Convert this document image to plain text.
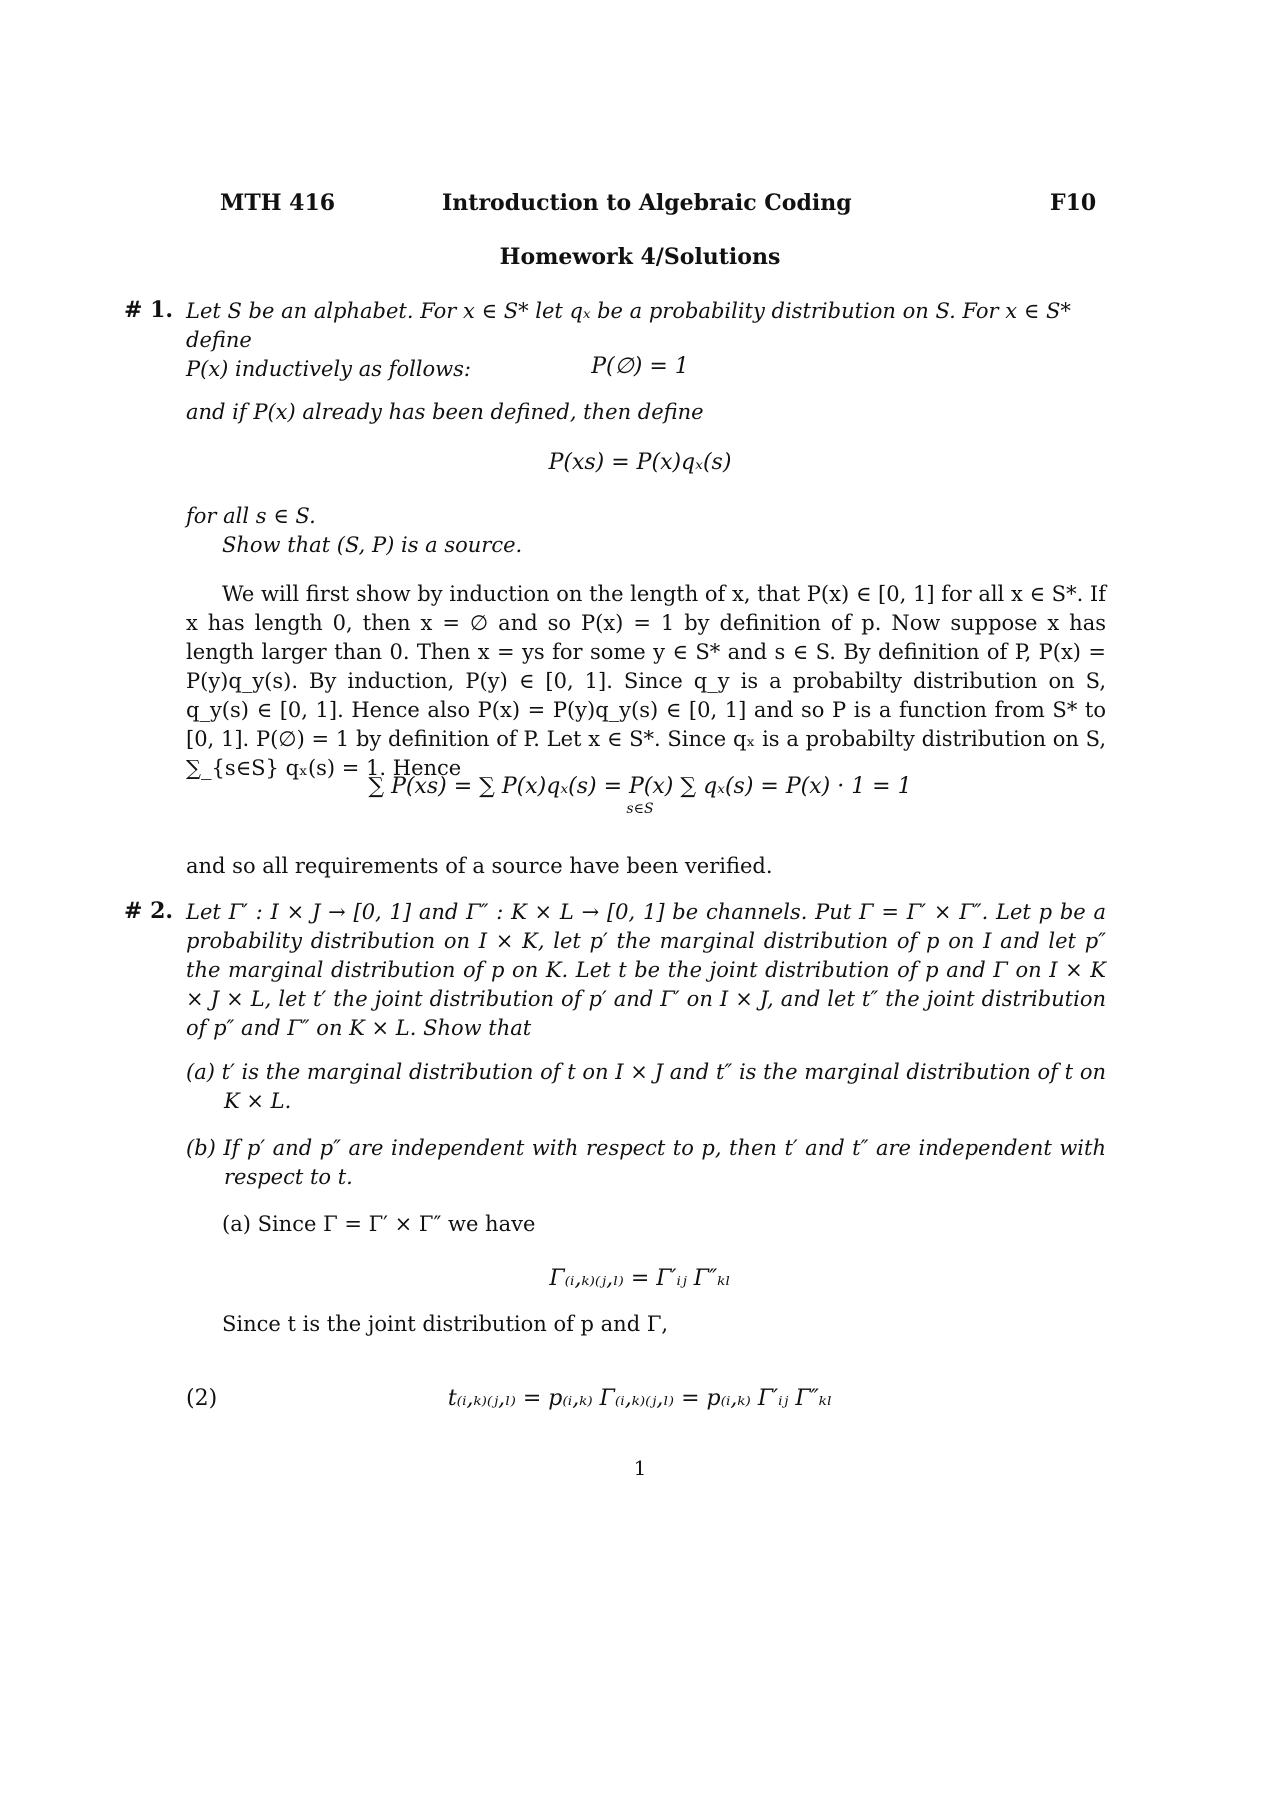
MTH 416	Introduction to Algebraic Coding	F10
Homework 4/Solutions
# 1. Let S be an alphabet. For x ∈ S* let qₓ be a probability distribution on S. For x ∈ S* define
P(x) inductively as follows:	P(∅) = 1
and if P(x) already has been defined, then define
P(xs) = P(x)qₓ(s)
for all s ∈ S.
Show that (S, P) is a source.
We will first show by induction on the length of x, that P(x) ∈ [0, 1] for all x ∈ S*. If x has length 0, then x = ∅ and so P(x) = 1 by definition of p. Now suppose x has length larger than 0. Then x = ys for some y ∈ S* and s ∈ S. By definition of P, P(x) = P(y)q_y(s). By induction, P(y) ∈ [0, 1]. Since q_y is a probabilty distribution on S, q_y(s) ∈ [0, 1]. Hence also P(x) = P(y)q_y(s) ∈ [0, 1] and so P is a function from S* to [0, 1]. P(∅) = 1 by definition of P. Let x ∈ S*. Since qₓ is a probabilty distribution on S, ∑_{s∈S} qₓ(s) = 1. Hence
∑ P(xs) = ∑ P(x)qₓ(s) = P(x) ∑ qₓ(s) = P(x) · 1 = 1
s∈S
and so all requirements of a source have been verified.
# 2. Let Γ′ : I × J → [0, 1] and Γ″ : K × L → [0, 1] be channels. Put Γ = Γ′ × Γ″. Let p be a probability distribution on I × K, let p′ the marginal distribution of p on I and let p″ the marginal distribution of p on K. Let t be the joint distribution of p and Γ on I × K × J × L, let t′ the joint distribution of p′ and Γ′ on I × J, and let t″ the joint distribution of p″ and Γ″ on K × L. Show that
(a) t′ is the marginal distribution of t on I × J and t″ is the marginal distribution of t on K × L.
(b) If p′ and p″ are independent with respect to p, then t′ and t″ are independent with respect to t.
(a) Since Γ = Γ′ × Γ″ we have
Γ₍ᵢ,ₖ₎₍ⱼ,ₗ₎ = Γ′ᵢⱼ Γ″ₖₗ
Since t is the joint distribution of p and Γ,
(2)	t₍ᵢ,ₖ₎₍ⱼ,ₗ₎ = p₍ᵢ,ₖ₎ Γ₍ᵢ,ₖ₎₍ⱼ,ₗ₎ = p₍ᵢ,ₖ₎ Γ′ᵢⱼ Γ″ₖₗ
1
